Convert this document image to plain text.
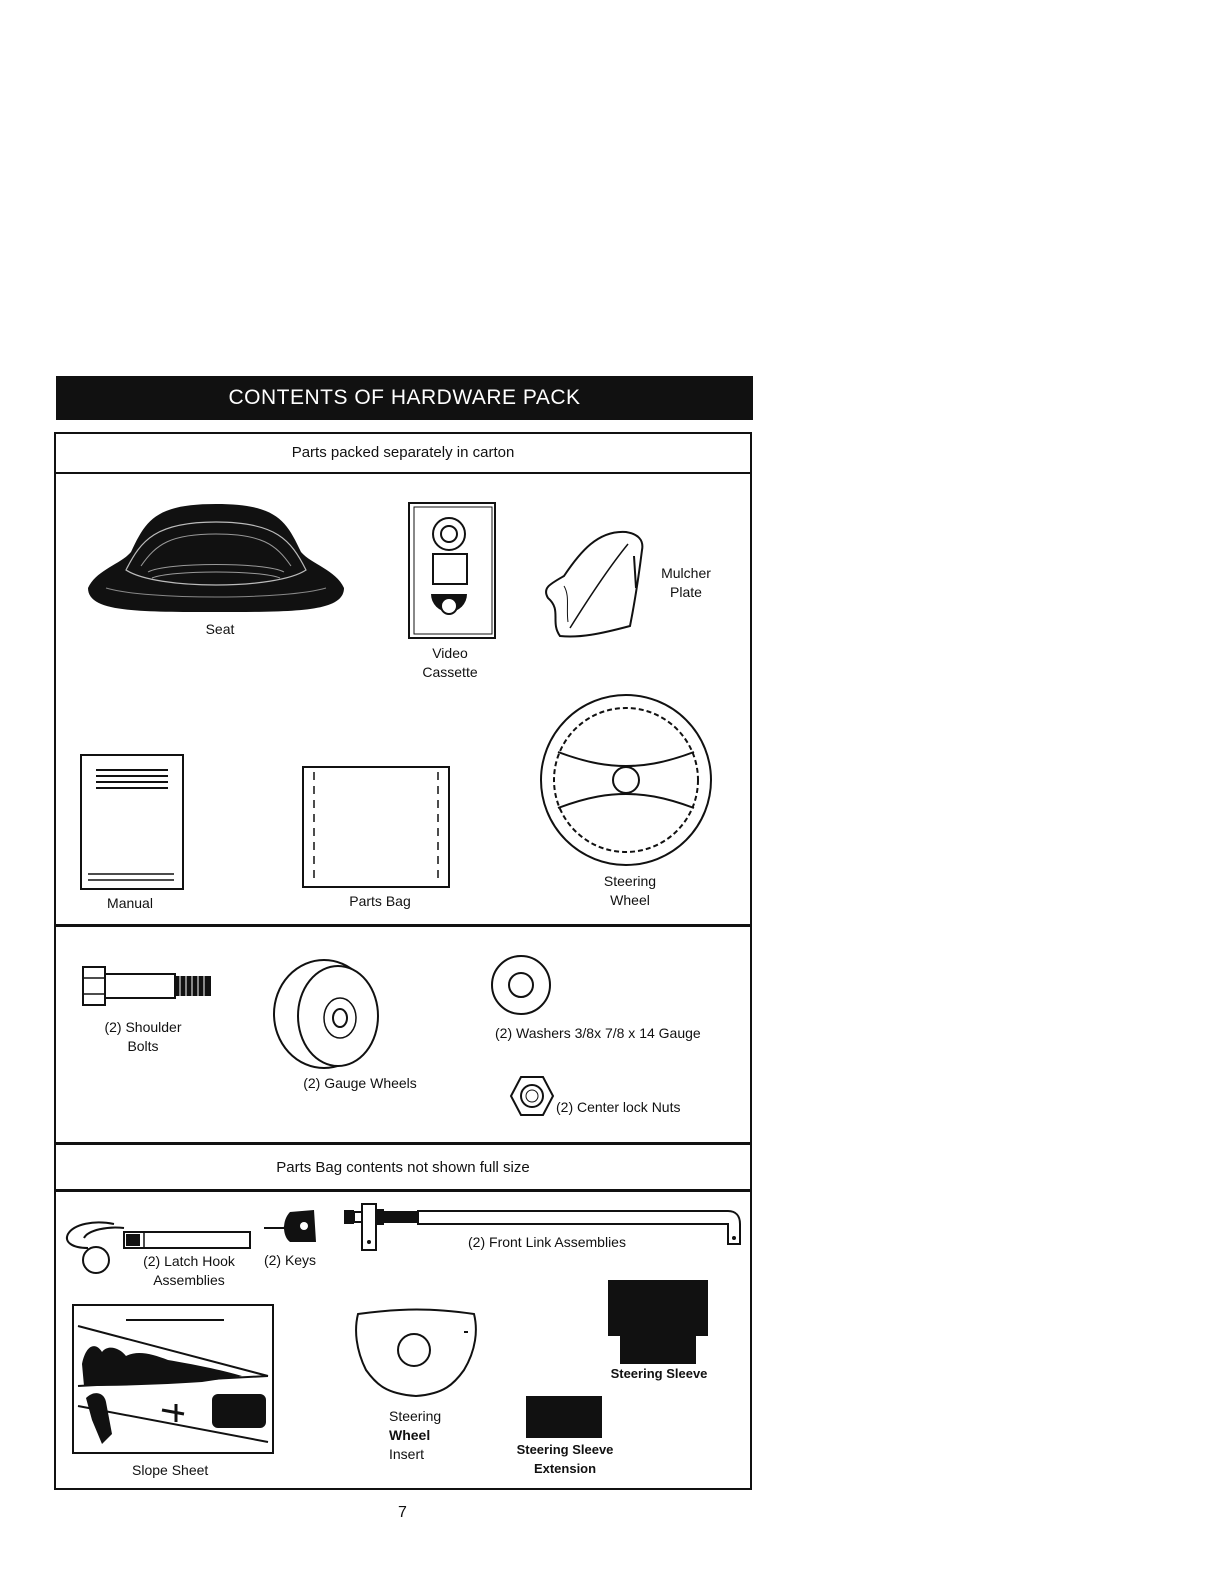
CONTENTS OF HARDWARE PACK
Parts packed separately in carton
Seat
Video
Cassette
Mulcher
Plate
Manual	Parts Bag
Steering
Wheel
(2) Shoulder
Bolts
(2) Gauge Wheels
(2) Washers 3/8x 7/8 x 14 Gauge
(2) Center lock Nuts
Parts Bag contents not shown full size
(2) Latch Hook
Assemblies
(2) Keys
(2) Front Link Assemblies
Steering Sleeve
Slope Sheet
Steering
Wheel
Insert	Steering Sleeve
Extension
7
